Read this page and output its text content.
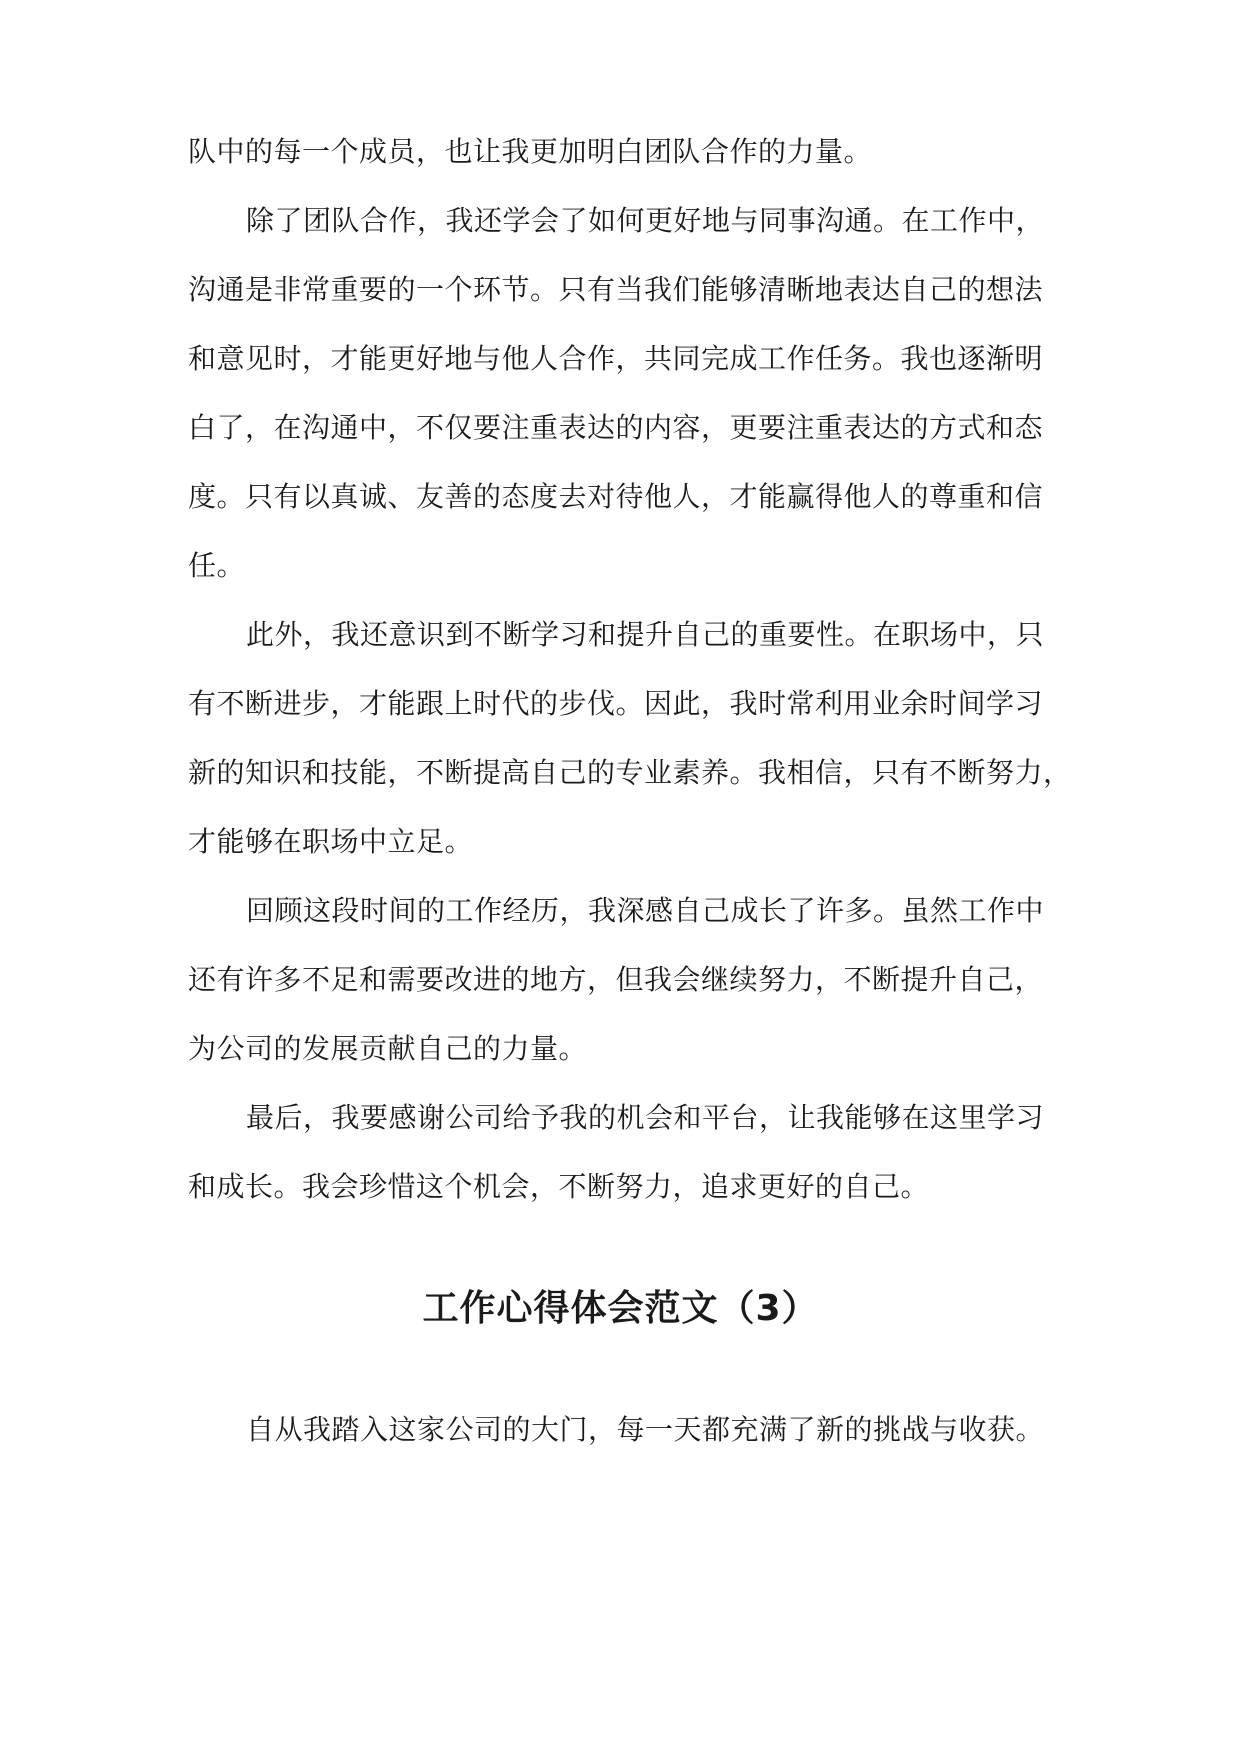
队中的每一个成员，也让我更加明白团队合作的力量。
除了团队合作，我还学会了如何更好地与同事沟通。在工作中，
沟通是非常重要的一个环节。只有当我们能够清晰地表达自己的想法
和意见时，才能更好地与他人合作，共同完成工作任务。我也逐渐明
白了，在沟通中，不仅要注重表达的内容，更要注重表达的方式和态
度。只有以真诚、友善的态度去对待他人，才能赢得他人的尊重和信
任。
此外，我还意识到不断学习和提升自己的重要性。在职场中，只
有不断进步，才能跟上时代的步伐。因此，我时常利用业余时间学习
新的知识和技能，不断提高自己的专业素养。我相信，只有不断努力，
才能够在职场中立足。
回顾这段时间的工作经历，我深感自己成长了许多。虽然工作中
还有许多不足和需要改进的地方，但我会继续努力，不断提升自己，
为公司的发展贡献自己的力量。
最后，我要感谢公司给予我的机会和平台，让我能够在这里学习
和成长。我会珍惜这个机会，不断努力，追求更好的自己。
工作心得体会范文（3）
自从我踏入这家公司的大门，每一天都充满了新的挑战与收获。
